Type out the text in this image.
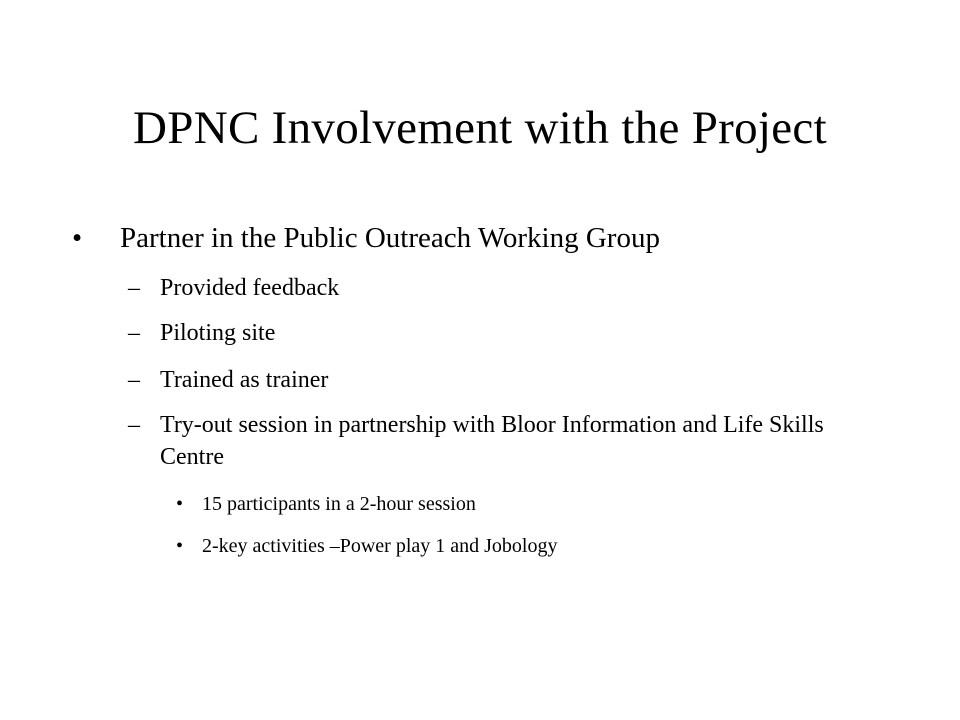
DPNC Involvement with the Project
• Partner in the Public Outreach Working Group
– Provided feedback
– Piloting site
– Trained as trainer
– Try-out session in partnership with Bloor Information and Life Skills Centre
• 15 participants in a 2-hour session
• 2-key activities –Power play 1 and Jobology
